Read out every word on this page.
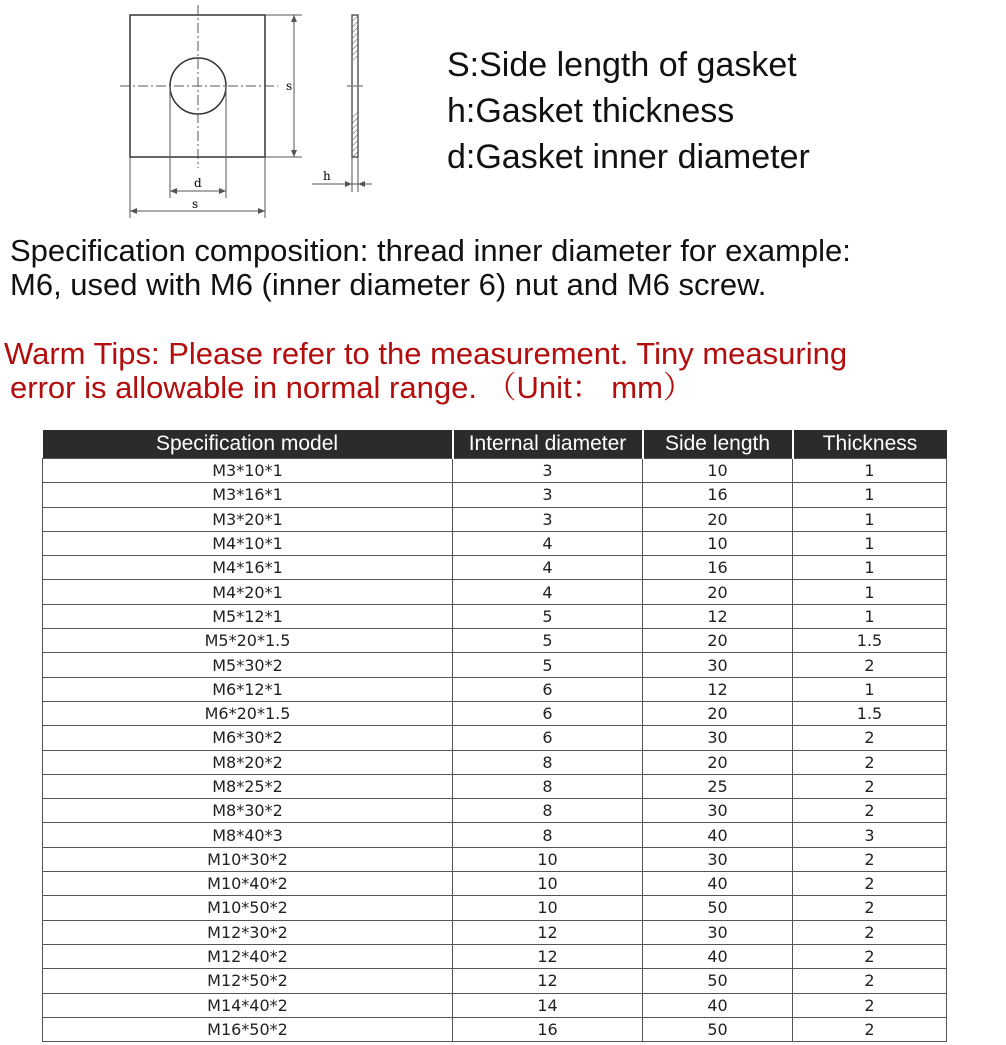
d
s
s
h
S:Side length of gasket
h:Gasket thickness
d:Gasket inner diameter
Specification composition: thread inner diameter for example:
M6, used with M6 (inner diameter 6) nut and M6 screw.
Warm Tips: Please refer to the measurement. Tiny measuring
error is allowable in normal range. （Unit： mm）
Specification model	Internal diameter	Side length	Thickness
M3*10*1	3	10	1
M3*16*1	3	16	1
M3*20*1	3	20	1
M4*10*1	4	10	1
M4*16*1	4	16	1
M4*20*1	4	20	1
M5*12*1	5	12	1
M5*20*1.5	5	20	1.5
M5*30*2	5	30	2
M6*12*1	6	12	1
M6*20*1.5	6	20	1.5
M6*30*2	6	30	2
M8*20*2	8	20	2
M8*25*2	8	25	2
M8*30*2	8	30	2
M8*40*3	8	40	3
M10*30*2	10	30	2
M10*40*2	10	40	2
M10*50*2	10	50	2
M12*30*2	12	30	2
M12*40*2	12	40	2
M12*50*2	12	50	2
M14*40*2	14	40	2
M16*50*2	16	50	2
